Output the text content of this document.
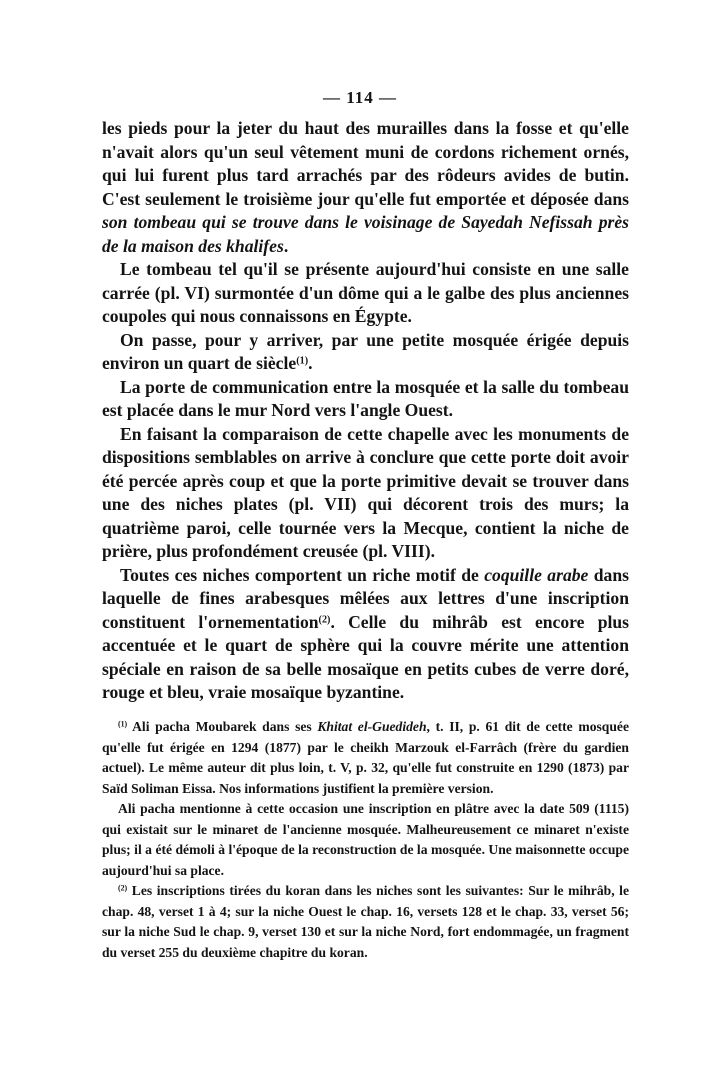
— 114 —

les pieds pour la jeter du haut des murailles dans la fosse et qu'elle n'avait alors qu'un seul vêtement muni de cordons richement ornés, qui lui furent plus tard arrachés par des rôdeurs avides de butin. C'est seulement le troisième jour qu'elle fut emportée et déposée dans son tombeau qui se trouve dans le voisinage de Sayedah Nefissah près de la maison des khalifes.

Le tombeau tel qu'il se présente aujourd'hui consiste en une salle carrée (pl. VI) surmontée d'un dôme qui a le galbe des plus anciennes coupoles qui nous connaissons en Égypte.

On passe, pour y arriver, par une petite mosquée érigée depuis environ un quart de siècle$^{(1)}$.

La porte de communication entre la mosquée et la salle du tombeau est placée dans le mur Nord vers l'angle Ouest.

En faisant la comparaison de cette chapelle avec les monuments de dispositions semblables on arrive à conclure que cette porte doit avoir été percée après coup et que la porte primitive devait se trouver dans une des niches plates (pl. VII) qui décorent trois des murs; la quatrième paroi, celle tournée vers la Mecque, contient la niche de prière, plus profondément creusée (pl. VIII).

Toutes ces niches comportent un riche motif de coquille arabe dans laquelle de fines arabesques mêlées aux lettres d'une inscription constituent l'ornementation$^{(2)}$. Celle du mihrâb est encore plus accentuée et le quart de sphère qui la couvre mérite une attention spéciale en raison de sa belle mosaïque en petits cubes de verre doré, rouge et bleu, vraie mosaïque byzantine.

$^{(1)}$ Ali pacha Moubarek dans ses Khitat el-Guedideh, t. II, p. 61 dit de cette mosquée qu'elle fut érigée en 1294 (1877) par le cheikh Marzouk el-Farrâch (frère du gardien actuel). Le même auteur dit plus loin, t. V, p. 32, qu'elle fut construite en 1290 (1873) par Saïd Soliman Eissa. Nos informations justifient la première version.

Ali pacha mentionne à cette occasion une inscription en plâtre avec la date 509 (1115) qui existait sur le minaret de l'ancienne mosquée. Malheureusement ce minaret n'existe plus; il a été démoli à l'époque de la reconstruction de la mosquée. Une maisonnette occupe aujourd'hui sa place.

$^{(2)}$ Les inscriptions tirées du koran dans les niches sont les suivantes: Sur le mihrâb, le chap. 48, verset 1 à 4; sur la niche Ouest le chap. 16, versets 128 et le chap. 33, verset 56; sur la niche Sud le chap. 9, verset 130 et sur la niche Nord, fort endommagée, un fragment du verset 255 du deuxième chapitre du koran.
